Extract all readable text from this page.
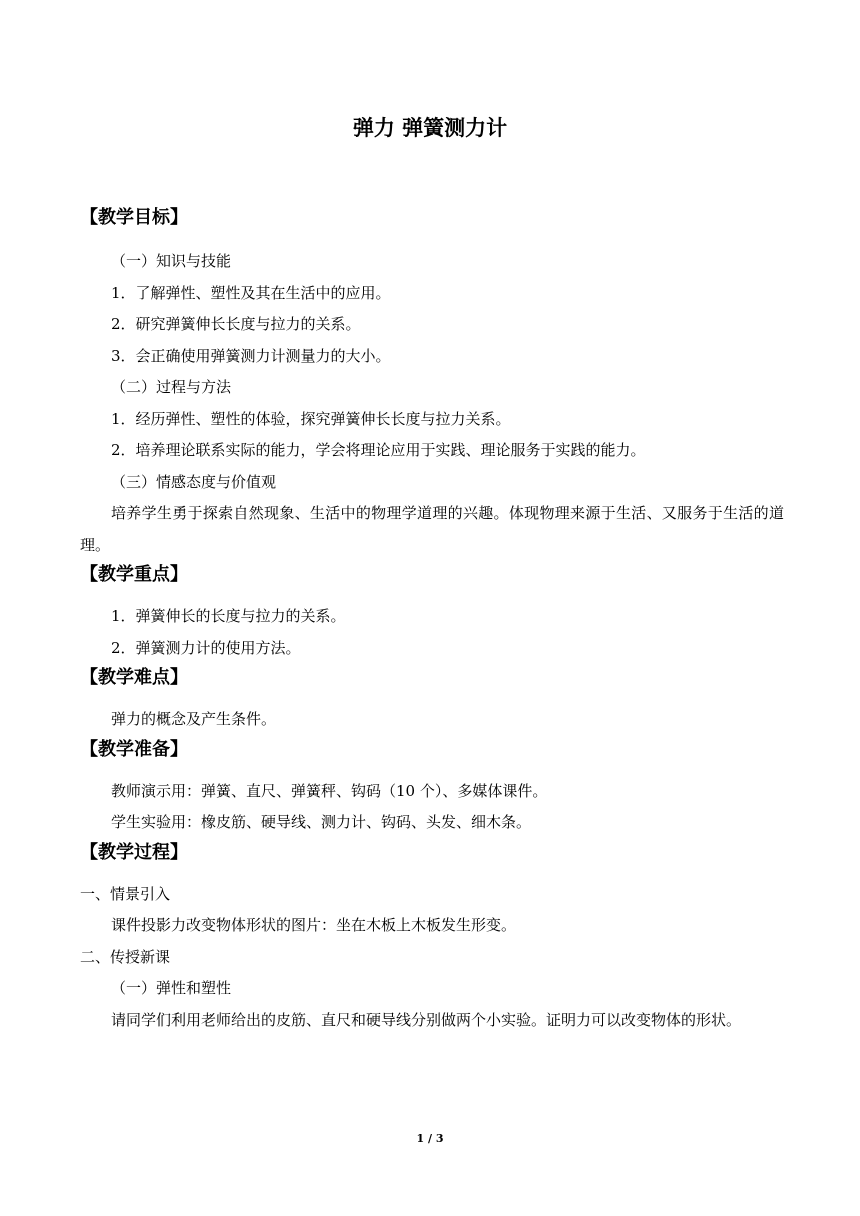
弹力 弹簧测力计
【教学目标】

（一）知识与技能

1．了解弹性、塑性及其在生活中的应用。

2．研究弹簧伸长长度与拉力的关系。

3．会正确使用弹簧测力计测量力的大小。

（二）过程与方法

1．经历弹性、塑性的体验，探究弹簧伸长长度与拉力关系。

2．培养理论联系实际的能力，学会将理论应用于实践、理论服务于实践的能力。

（三）情感态度与价值观

培养学生勇于探索自然现象、生活中的物理学道理的兴趣。体现物理来源于生活、又服务于生活的道理。

【教学重点】

1．弹簧伸长的长度与拉力的关系。

2．弹簧测力计的使用方法。

【教学难点】

弹力的概念及产生条件。

【教学准备】

教师演示用：弹簧、直尺、弹簧秤、钩码（10 个）、多媒体课件。

学生实验用：橡皮筋、硬导线、测力计、钩码、头发、细木条。

【教学过程】

一、情景引入

课件投影力改变物体形状的图片：坐在木板上木板发生形变。

二、传授新课

（一）弹性和塑性

请同学们利用老师给出的皮筋、直尺和硬导线分别做两个小实验。证明力可以改变物体的形状。

1 / 3
